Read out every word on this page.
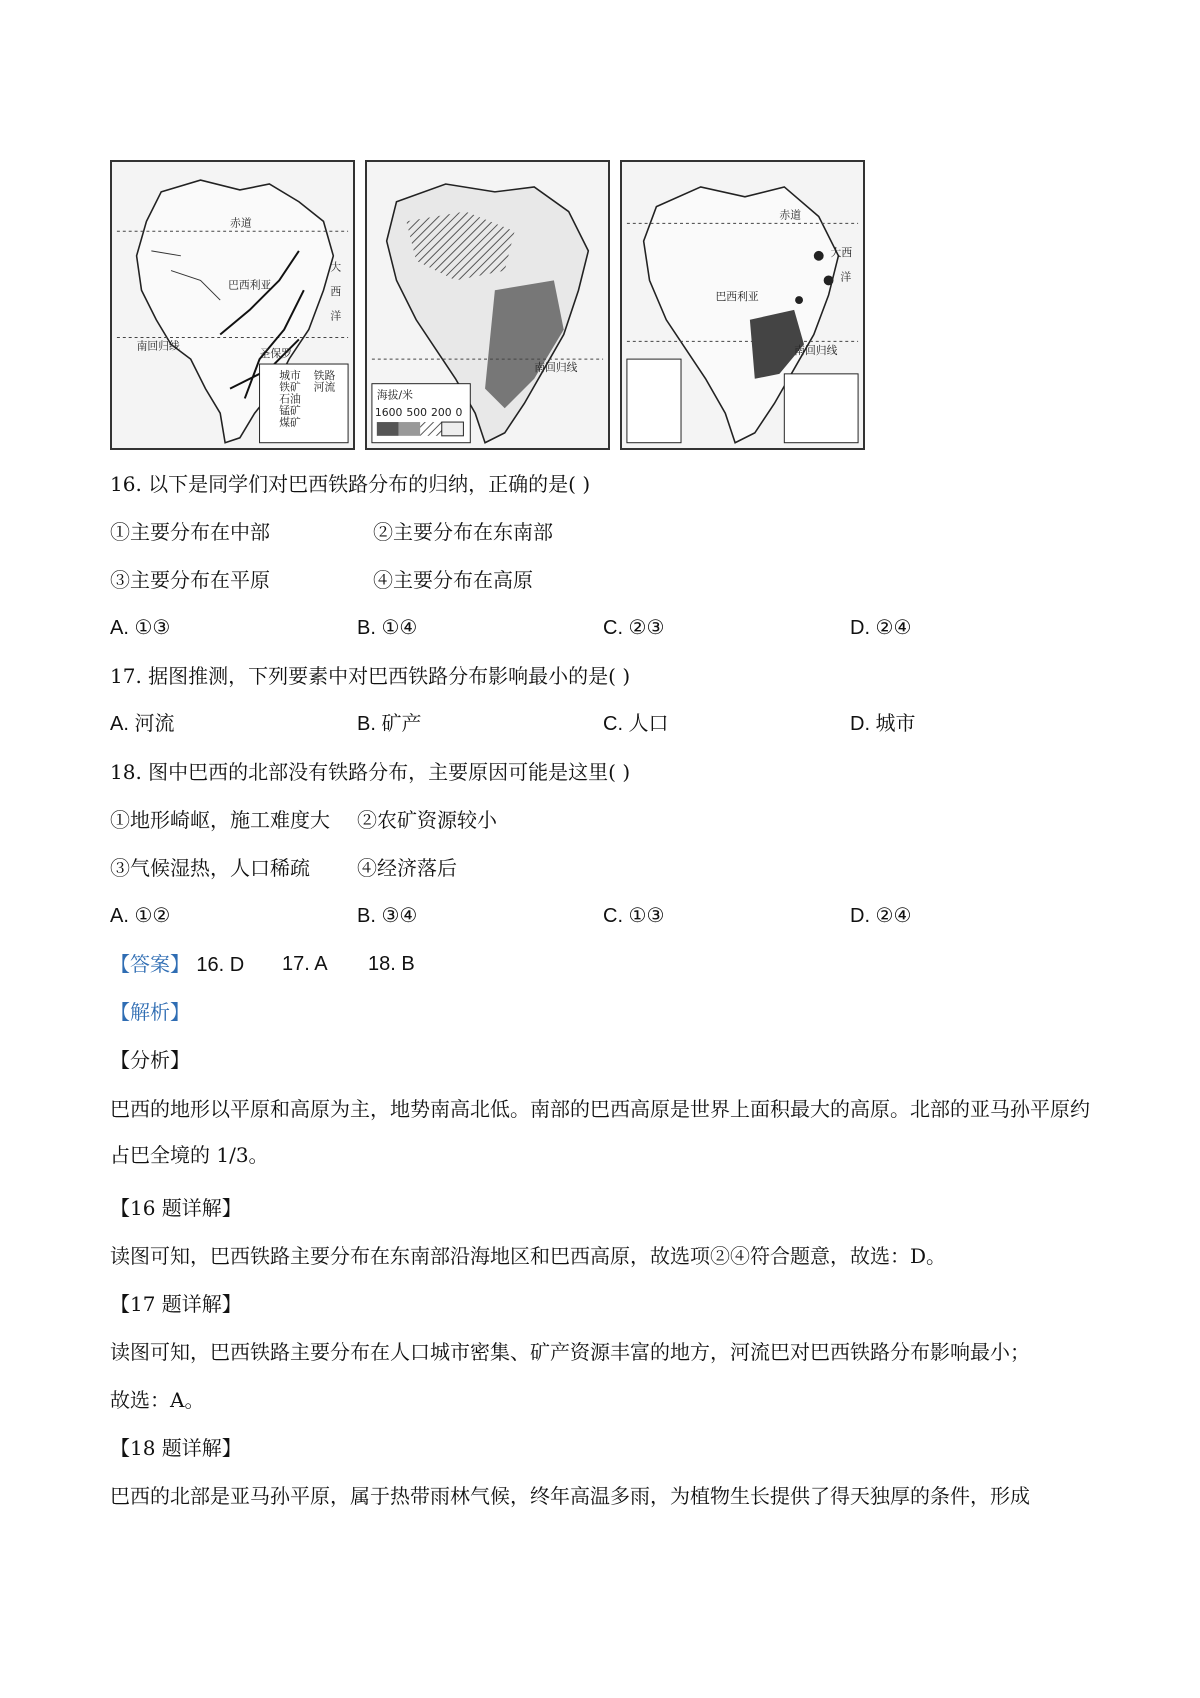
赤道
大
西
洋
巴西利亚
南回归线
圣保罗
城市
铁矿
石油
锰矿
煤矿
铁路
河流
海拔/米
1600 500 200 0
南回归线
赤道
大西
洋
巴西利亚
南回归线
16. 以下是同学们对巴西铁路分布的归纳，正确的是( )
①主要分布在中部	②主要分布在东南部
③主要分布在平原	④主要分布在高原
A. ①③	B. ①④	C. ②③	D. ②④
17. 据图推测，下列要素中对巴西铁路分布影响最小的是( )
A. 河流	B. 矿产	C. 人口	D. 城市
18. 图中巴西的北部没有铁路分布，主要原因可能是这里( )
①地形崎岖，施工难度大 ②农矿资源较小
③气候湿热，人口稀疏 ④经济落后
A. ①②	B. ③④	C. ①③	D. ②④
【答案】 16. D 17. A 18. B
【解析】
【分析】
巴西的地形以平原和高原为主，地势南高北低。南部的巴西高原是世界上面积最大的高原。北部的亚马孙平原约占巴全境的 1/3。
【16 题详解】
读图可知，巴西铁路主要分布在东南部沿海地区和巴西高原，故选项②④符合题意，故选：D。
【17 题详解】
读图可知，巴西铁路主要分布在人口城市密集、矿产资源丰富的地方，河流巴对巴西铁路分布影响最小；
故选：A。
【18 题详解】
巴西的北部是亚马孙平原，属于热带雨林气候，终年高温多雨，为植物生长提供了得天独厚的条件，形成
